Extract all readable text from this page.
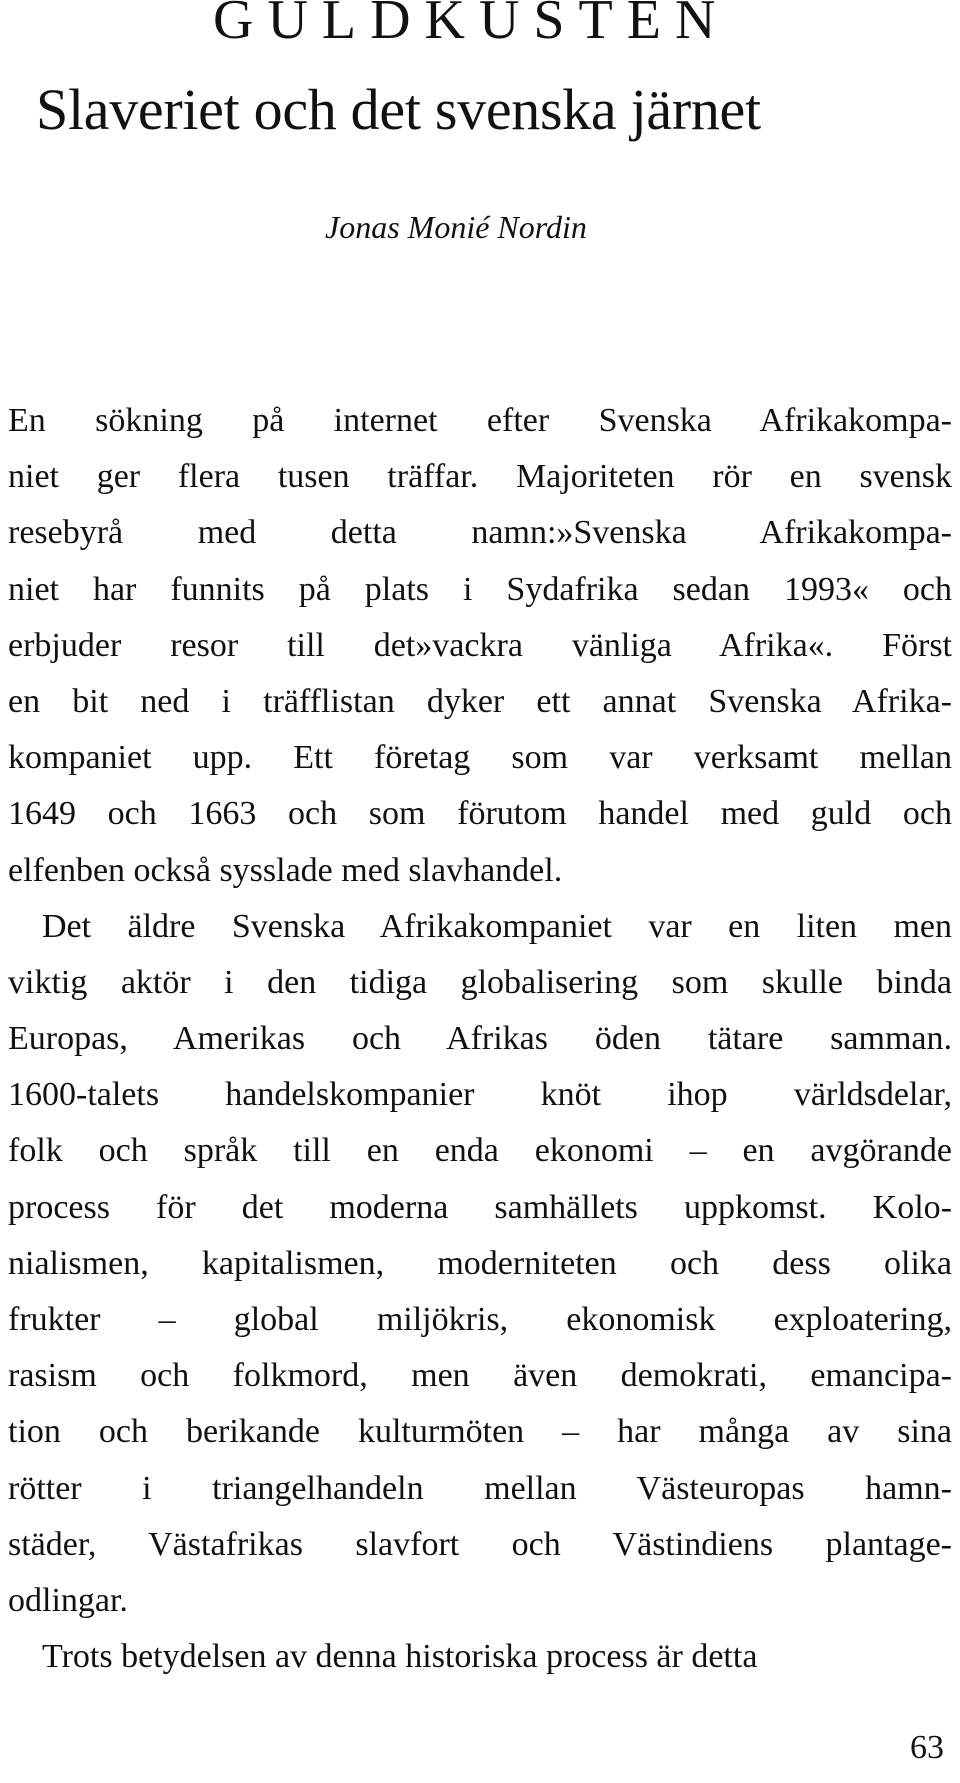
GULDKUSTEN
Slaveriet och det svenska järnet
Jonas Monié Nordin

En sökning på internet efter Svenska Afrikakompa-

niet ger flera tusen träffar. Majoriteten rör en svensk

resebyrå med detta namn:»Svenska Afrikakompa-

niet har funnits på plats i Sydafrika sedan 1993« och

erbjuder resor till det»vackra vänliga Afrika«. Först

en bit ned i träfflistan dyker ett annat Svenska Afrika-

kompaniet upp. Ett företag som var verksamt mellan

1649 och 1663 och som förutom handel med guld och

elfenben också sysslade med slavhandel.

Det äldre Svenska Afrikakompaniet var en liten men

viktig aktör i den tidiga globalisering som skulle binda

Europas, Amerikas och Afrikas öden tätare samman.

1600-talets handelskompanier knöt ihop världsdelar,

folk och språk till en enda ekonomi – en avgörande

process för det moderna samhällets uppkomst. Kolo-

nialismen, kapitalismen, moderniteten och dess olika

frukter – global miljökris, ekonomisk exploatering,

rasism och folkmord, men även demokrati, emancipa-

tion och berikande kulturmöten – har många av sina

rötter i triangelhandeln mellan Västeuropas hamn-

städer, Västafrikas slavfort och Västindiens plantage-

odlingar.

Trots betydelsen av denna historiska process är detta

63
